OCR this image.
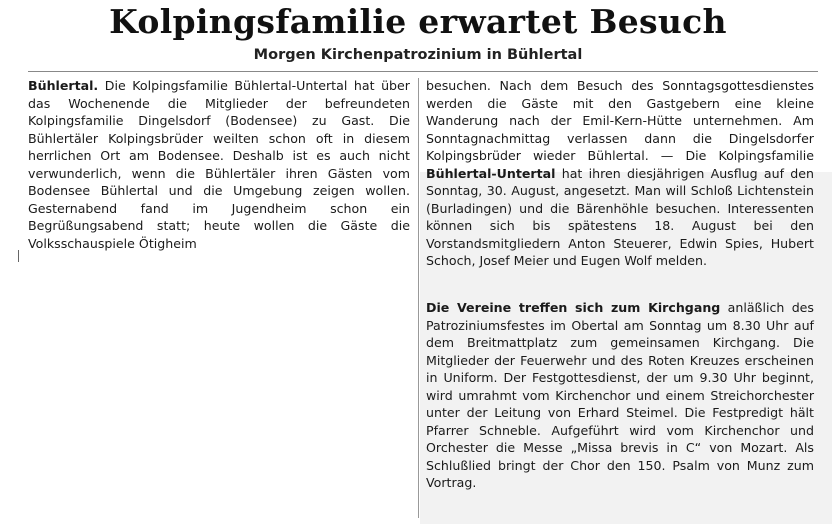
Kolpingsfamilie erwartet Besuch
Morgen Kirchenpatrozinium in Bühlertal
Bühlertal. Die Kolpingsfamilie Bühlertal-Untertal hat über das Wochenende die Mitglieder der befreundeten Kolpingsfamilie Dingelsdorf (Bodensee) zu Gast. Die Bühlertäler Kolpingsbrüder weilten schon oft in diesem herrlichen Ort am Bodensee. Deshalb ist es auch nicht verwunderlich, wenn die Bühlertäler ihren Gästen vom Bodensee Bühlertal und die Umgebung zeigen wollen. Gesternabend fand im Jugendheim schon ein Begrüßungsabend statt; heute wollen die Gäste die Volksschauspiele Ötigheim
besuchen. Nach dem Besuch des Sonntagsgottesdienstes werden die Gäste mit den Gastgebern eine kleine Wanderung nach der Emil-Kern-Hütte unternehmen. Am Sonntagnachmittag verlassen dann die Dingelsdorfer Kolpingsbrüder wieder Bühlertal. — Die Kolpingsfamilie Bühlertal-Untertal hat ihren diesjährigen Ausflug auf den Sonntag, 30. August, angesetzt. Man will Schloß Lichtenstein (Burladingen) und die Bärenhöhle besuchen. Interessenten können sich bis spätestens 18. August bei den Vorstandsmitgliedern Anton Steuerer, Edwin Spies, Hubert Schoch, Josef Meier und Eugen Wolf melden.
Die Vereine treffen sich zum Kirchgang anläßlich des Patroziniumsfestes im Obertal am Sonntag um 8.30 Uhr auf dem Breitmattplatz zum gemeinsamen Kirchgang. Die Mitglieder der Feuerwehr und des Roten Kreuzes erscheinen in Uniform. Der Festgottesdienst, der um 9.30 Uhr beginnt, wird umrahmt vom Kirchenchor und einem Streichorchester unter der Leitung von Erhard Steimel. Die Festpredigt hält Pfarrer Schneble. Aufgeführt wird vom Kirchenchor und Orchester die Messe „Missa brevis in C“ von Mozart. Als Schlußlied bringt der Chor den 150. Psalm von Munz zum Vortrag.
